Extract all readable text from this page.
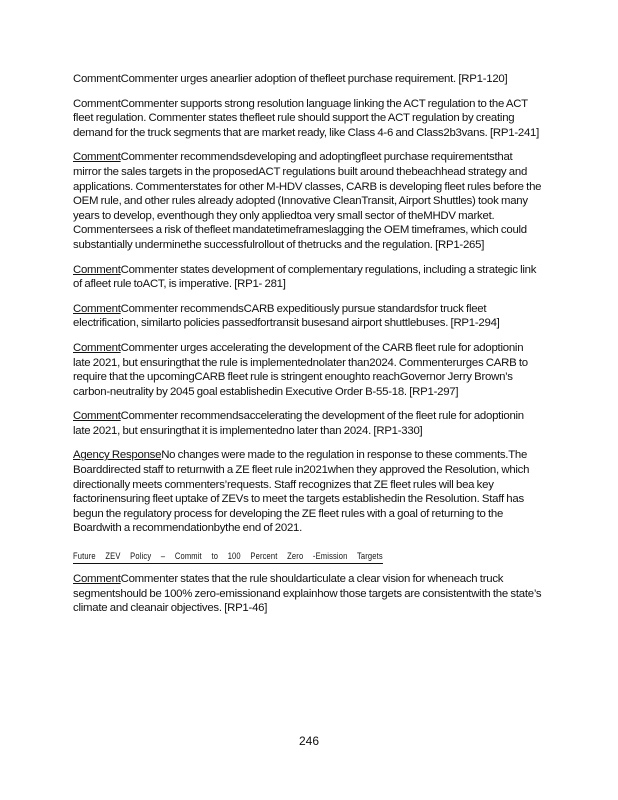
CommentCommenter urges anearlier adoption of thefleet purchase requirement. [RP1-120]

CommentCommenter supports strong resolution language linking the ACT regulation to the ACT fleet regulation. Commenter states thefleet rule should support the ACT regulation by creating demand for the truck segments that are market ready, like Class 4-6 and Class2b3vans. [RP1-241]

CommentCommenter recommendsdeveloping and adoptingfleet purchase requirementsthat mirror the sales targets in the proposedACT regulations built around thebeachhead strategy and applications. Commenterstates for other M-HDV classes, CARB is developing fleet rules before the OEM rule, and other rules already adopted (Innovative CleanTransit, Airport Shuttles) took many years to develop, eventhough they only appliedtoa very small sector of theMHDV market. Commentersees a risk of thefleet mandatetimeframeslagging the OEM timeframes, which could substantially underminethe successfulrollout of thetrucks and the regulation. [RP1-265]

CommentCommenter states development of complementary regulations, including a strategic link of afleet rule toACT, is imperative. [RP1- 281]

CommentCommenter recommendsCARB expeditiously pursue standardsfor truck fleet electrification, similarto policies passedfortransit busesand airport shuttlebuses. [RP1-294]

CommentCommenter urges accelerating the development of the CARB fleet rule for adoptionin late 2021, but ensuringthat the rule is implementednolater than2024. Commenterurges CARB to require that the upcomingCARB fleet rule is stringent enoughto reachGovernor Jerry Brown’s carbon-neutrality by 2045 goal establishedin Executive Order B-55-18. [RP1-297]

CommentCommenter recommendsaccelerating the development of the fleet rule for adoptionin late 2021, but ensuringthat it is implementedno later than 2024. [RP1-330]

Agency ResponseNo changes were made to the regulation in response to these comments.The Boarddirected staff to returnwith a ZE fleet rule in2021when they approved the Resolution, which directionally meets commenters’requests. Staff recognizes that ZE fleet rules will bea key factorinensuring fleet uptake of ZEVs to meet the targets establishedin the Resolution. Staff has begun the regulatory process for developing the ZE fleet rules with a goal of returning to the Boardwith a recommendationbythe end of 2021.

Future ZEV Policy – Commit to 100 Percent Zero -Emission Targets

CommentCommenter states that the rule shouldarticulate a clear vision for wheneach truck segmentshould be 100% zero-emissionand explainhow those targets are consistentwith the state’s climate and cleanair objectives. [RP1-46]

246
